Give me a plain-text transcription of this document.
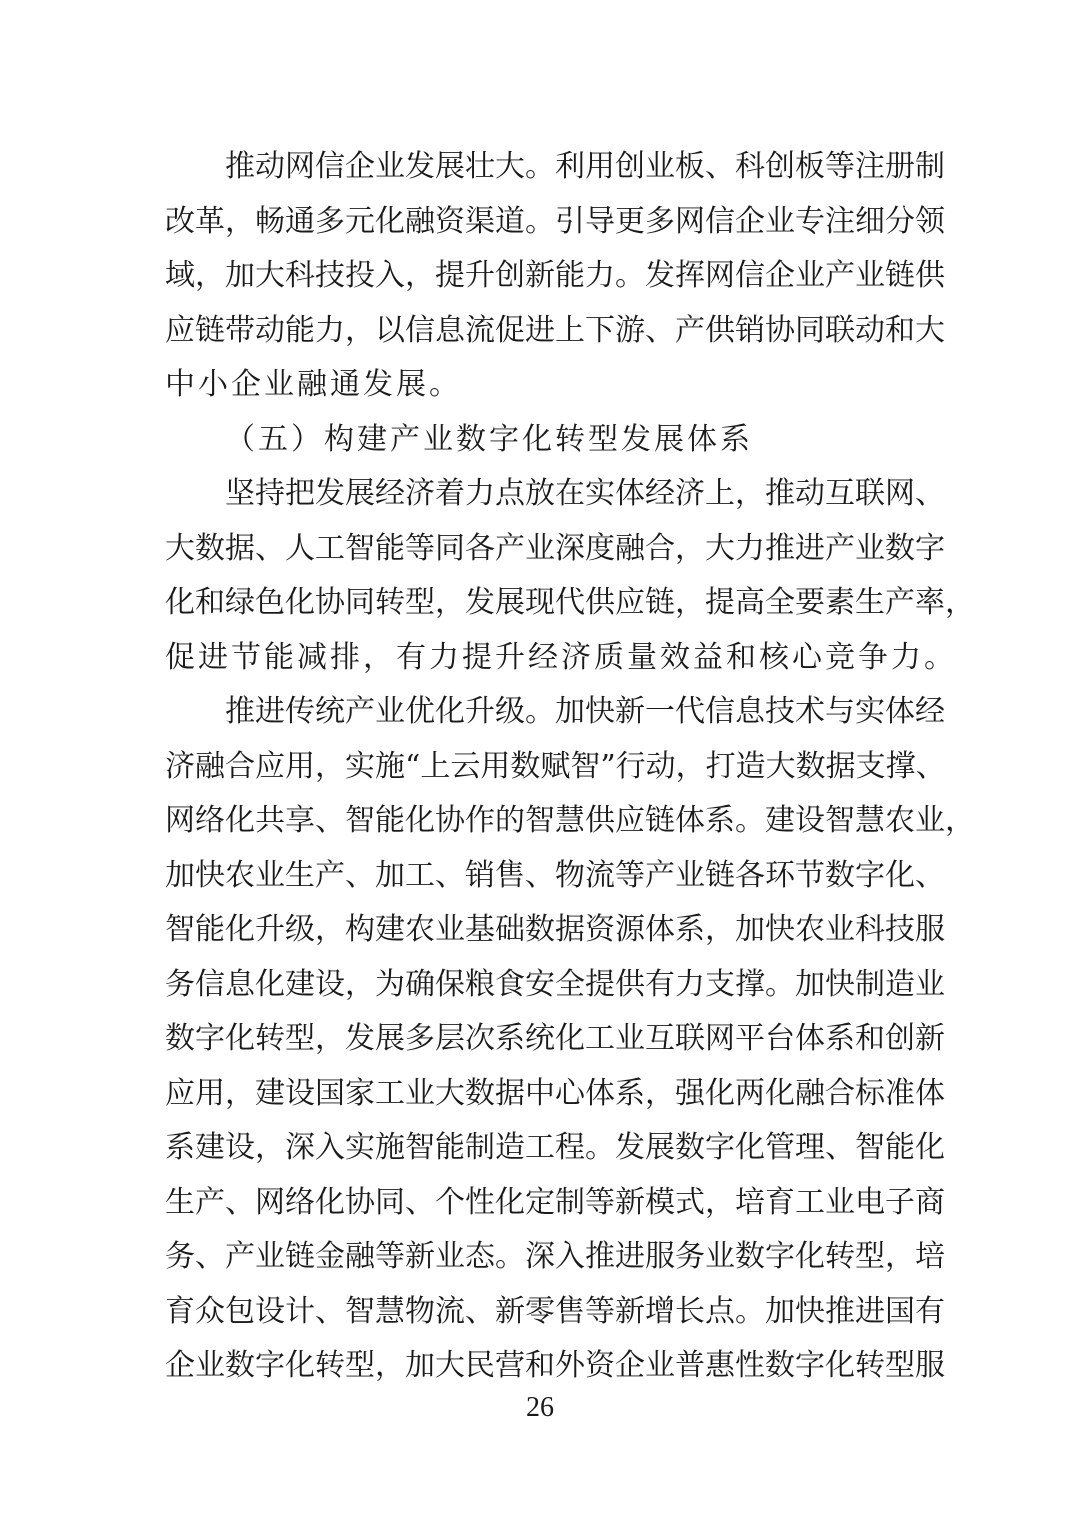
推动网信企业发展壮大。利用创业板、科创板等注册制
改革，畅通多元化融资渠道。引导更多网信企业专注细分领
域，加大科技投入，提升创新能力。发挥网信企业产业链供
应链带动能力，以信息流促进上下游、产供销协同联动和大
中小企业融通发展。
（五）构建产业数字化转型发展体系
坚持把发展经济着力点放在实体经济上，推动互联网、
大数据、人工智能等同各产业深度融合，大力推进产业数字
化和绿色化协同转型，发展现代供应链，提高全要素生产率，
促进节能减排，有力提升经济质量效益和核心竞争力。
推进传统产业优化升级。加快新一代信息技术与实体经
济融合应用，实施“上云用数赋智”行动，打造大数据支撑、
网络化共享、智能化协作的智慧供应链体系。建设智慧农业，
加快农业生产、加工、销售、物流等产业链各环节数字化、
智能化升级，构建农业基础数据资源体系，加快农业科技服
务信息化建设，为确保粮食安全提供有力支撑。加快制造业
数字化转型，发展多层次系统化工业互联网平台体系和创新
应用，建设国家工业大数据中心体系，强化两化融合标准体
系建设，深入实施智能制造工程。发展数字化管理、智能化
生产、网络化协同、个性化定制等新模式，培育工业电子商
务、产业链金融等新业态。深入推进服务业数字化转型，培
育众包设计、智慧物流、新零售等新增长点。加快推进国有
企业数字化转型，加大民营和外资企业普惠性数字化转型服
26
